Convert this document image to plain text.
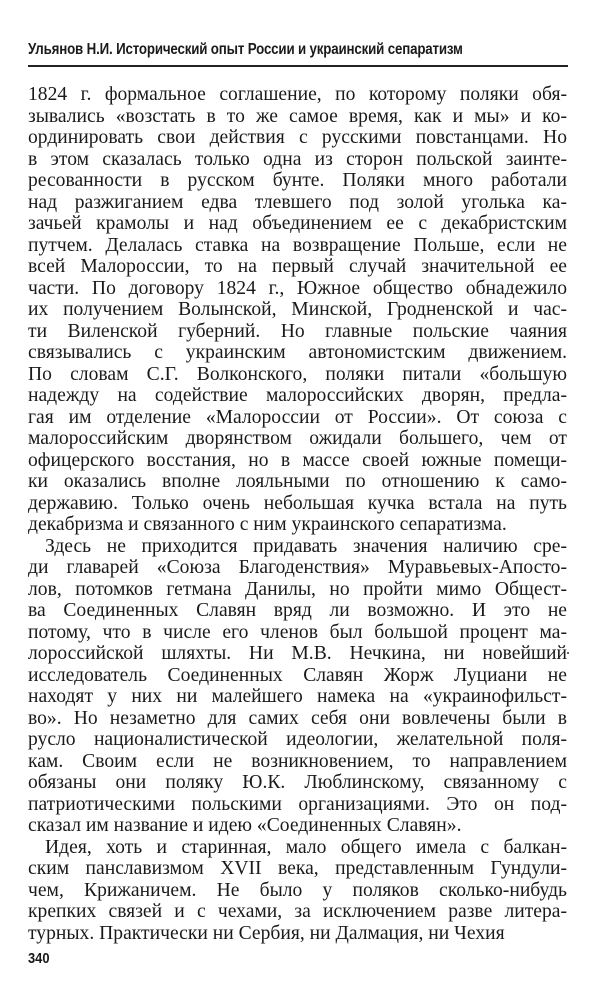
Ульянов Н.И. Исторический опыт России и украинский сепаратизм
1824 г. формальное соглашение, по которому поляки обя-
зывались «возстать в то же самое время, как и мы» и ко-
ординировать свои действия с русскими повстанцами. Но
в этом сказалась только одна из сторон польской заинте-
ресованности в русском бунте. Поляки много работали
над разжиганием едва тлевшего под золой уголька ка-
зачьей крамолы и над объединением ее с декабристским
путчем. Делалась ставка на возвращение Польше, если не
всей Малороссии, то на первый случай значительной ее
части. По договору 1824 г., Южное общество обнадежило
их получением Волынской, Минской, Гродненской и час-
ти Виленской губерний. Но главные польские чаяния
связывались с украинским автономистским движением.
По словам С.Г. Волконского, поляки питали «большую
надежду на содействие малороссийских дворян, предла-
гая им отделение «Малороссии от России». От союза с
малороссийским дворянством ожидали большего, чем от
офицерского восстания, но в массе своей южные помещи-
ки оказались вполне лояльными по отношению к само-
державию. Только очень небольшая кучка встала на путь
декабризма и связанного с ним украинского сепаратизма.
Здесь не приходится придавать значения наличию сре-
ди главарей «Союза Благоденствия» Муравьевых-Апосто-
лов, потомков гетмана Данилы, но пройти мимо Общест-
ва Соединенных Славян вряд ли возможно. И это не
потому, что в числе его членов был большой процент ма-
лороссийской шляхты. Ни М.В. Нечкина, ни новейший
исследователь Соединенных Славян Жорж Луциани не
находят у них ни малейшего намека на «украинофильст-
во». Но незаметно для самих себя они вовлечены были в
русло националистической идеологии, желательной поля-
кам. Своим если не возникновением, то направлением
обязаны они поляку Ю.К. Люблинскому, связанному с
патриотическими польскими организациями. Это он под-
сказал им название и идею «Соединенных Славян».
Идея, хоть и старинная, мало общего имела с балкан-
ским панславизмом XVII века, представленным Гундули-
чем, Крижаничем. Не было у поляков сколько-нибудь
крепких связей и с чехами, за исключением разве литера-
турных. Практически ни Сербия, ни Далмация, ни Чехия
340
